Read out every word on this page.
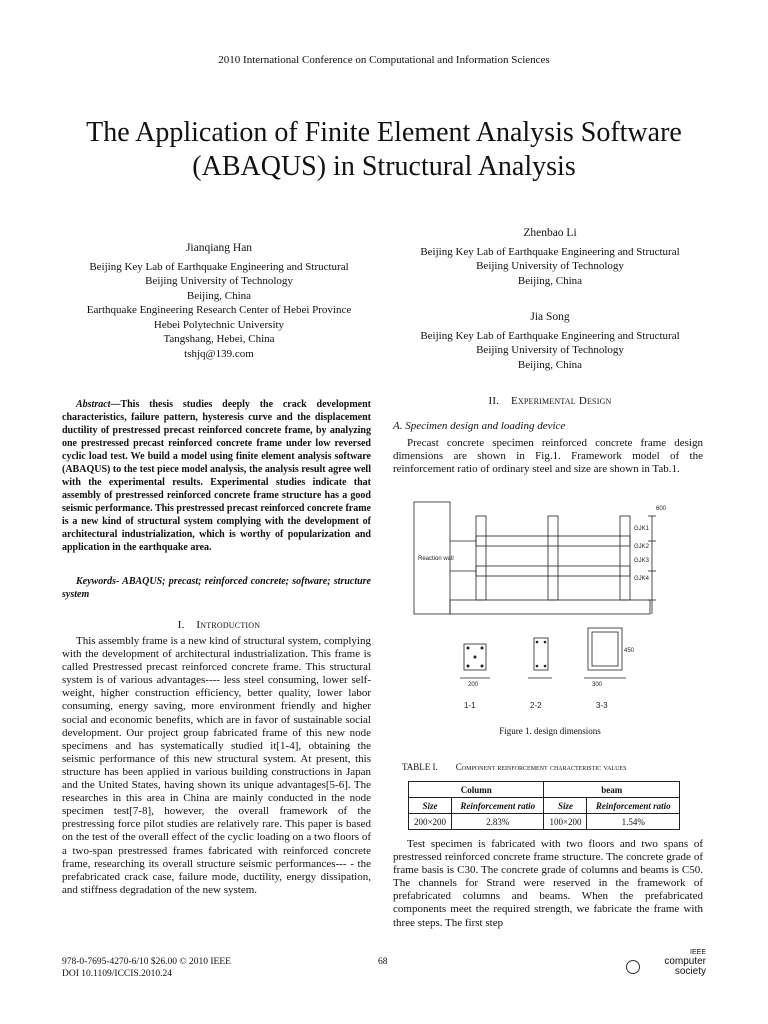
2010 International Conference on Computational and Information Sciences
The Application of Finite Element Analysis Software
(ABAQUS) in Structural Analysis
Jianqiang Han
Beijing Key Lab of Earthquake Engineering and Structural
Beijing University of Technology
Beijing, China
Earthquake Engineering Research Center of Hebei Province
Hebei Polytechnic University
Tangshang, Hebei, China
tshjq@139.com
Zhenbao Li
Beijing Key Lab of Earthquake Engineering and Structural
Beijing University of Technology
Beijing, China
Jia Song
Beijing Key Lab of Earthquake Engineering and Structural
Beijing University of Technology
Beijing, China
Abstract—This thesis studies deeply the crack development characteristics, failure pattern, hysteresis curve and the displacement ductility of prestressed precast reinforced concrete frame, by analyzing one prestressed precast reinforced concrete frame under low reversed cyclic load test. We build a model using finite element analysis software (ABAQUS) to the test piece model analysis, the analysis result agree well with the experimental results. Experimental studies indicate that assembly of prestressed reinforced concrete frame structure has a good seismic performance. This prestressed precast reinforced concrete frame is a new kind of structural system complying with the development of architectural industrialization, which is worthy of popularization and application in the earthquake area.
Keywords- ABAQUS; precast; reinforced concrete; software; structure system
I. Introduction
This assembly frame is a new kind of structural system, complying with the development of architectural industrialization. This frame is called Prestressed precast reinforced concrete frame. This structural system is of various advantages---- less steel consuming, lower self-weight, higher construction efficiency, better quality, lower labor consuming, energy saving, more environment friendly and higher social and economic benefits, which are in favor of sustainable social development. Our project group fabricated frame of this new node specimens and has systematically studied it[1-4], obtaining the seismic performance of this new structural system. At present, this structure has been applied in various building constructions in Japan and the United States, having shown its unique advantages[5-6]. The researches in this area in China are mainly conducted in the node specimen test[7-8], however, the overall framework of the prestressing force pilot studies are relatively rare. This paper is based on the test of the overall effect of the cyclic loading on a two floors of a two-span prestressed frames fabricated with reinforced concrete frame, researching its overall structure seismic performances--- - the prefabricated crack case, failure mode, ductility, energy dissipation, and stiffness degradation of the new system.
II. Experimental Design
A. Specimen design and loading device
Precast concrete specimen reinforced concrete frame design dimensions are shown in Fig.1. Framework model of the reinforcement ratio of ordinary steel and size are shown in Tab.1.
Reaction wall
GJK1
GJK2
GJK3
GJK4
200	300
450
600
1-1	2-2	3-3
Figure 1. design dimensions
TABLE I. Component reinforcement characteristic values
Column		beam	
Size	Reinforcement ratio	Size	Reinforcement ratio
200×200	2.83%	100×200	1.54%
Test specimen is fabricated with two floors and two spans of prestressed reinforced concrete frame structure. The concrete grade of frame basis is C30. The concrete grade of columns and beams is C50. The channels for Strand were reserved in the framework of prefabricated columns and beams. When the prefabricated components meet the required strength, we fabricate the frame with three steps. The first step
978-0-7695-4270-6/10 $26.00 © 2010 IEEE
DOI 10.1109/ICCIS.2010.24
68
IEEE
computer
society
